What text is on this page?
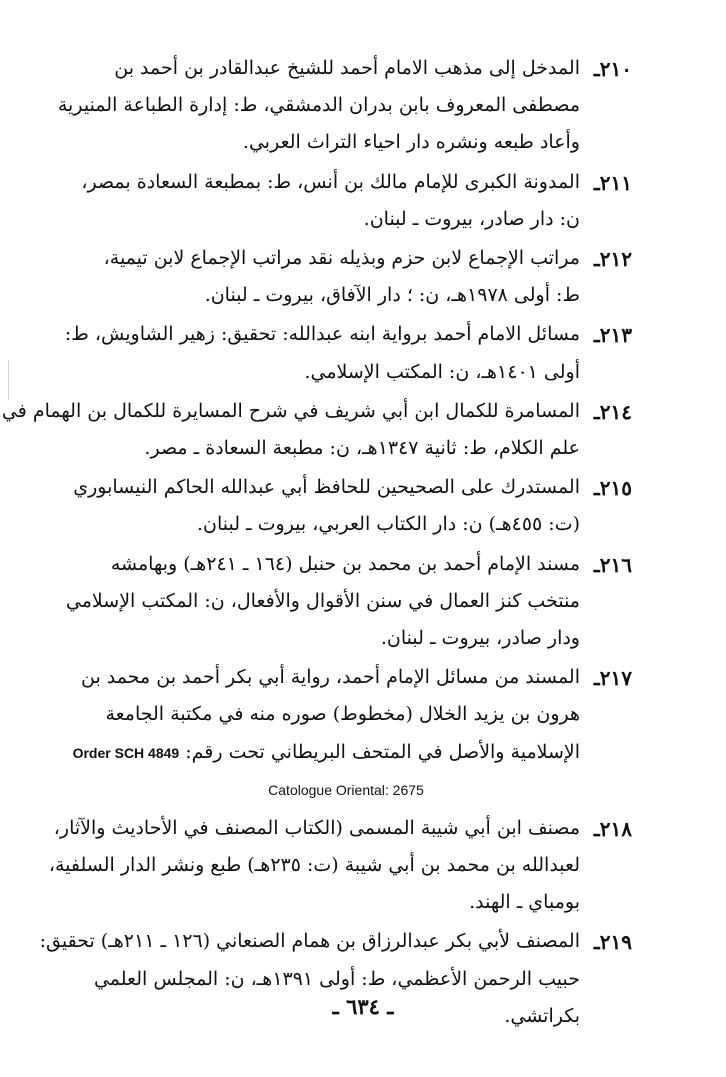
٢١٠ـ
المدخل إلى مذهب الامام أحمد للشيخ عبدالقادر بن أحمد بن
مصطفى المعروف بابن بدران الدمشقي، ط: إدارة الطباعة المنيرية
وأعاد طبعه ونشره دار احياء التراث العربي.
٢١١ـ
المدونة الكبرى للإمام مالك بن أنس، ط: بمطبعة السعادة بمصر،
ن: دار صادر، بيروت ـ لبنان.
٢١٢ـ
مراتب الإجماع لابن حزم وبذيله نقد مراتب الإجماع لابن تيمية،
ط: أولى ١٩٧٨هـ، ن: ؛ دار الآفاق، بيروت ـ لبنان.
٢١٣ـ
مسائل الامام أحمد برواية ابنه عبدالله: تحقيق: زهير الشاويش، ط:
أولى ١٤٠١هـ، ن: المكتب الإسلامي.
٢١٤ـ
المسامرة للكمال ابن أبي شريف في شرح المسايرة للكمال بن الهمام في
علم الكلام، ط: ثانية ١٣٤٧هـ، ن: مطبعة السعادة ـ مصر.
٢١٥ـ
المستدرك على الصحيحين للحافظ أبي عبدالله الحاكم النيسابوري
(ت: ٤٥٥هـ) ن: دار الكتاب العربي، بيروت ـ لبنان.
٢١٦ـ
مسند الإمام أحمد بن محمد بن حنبل (١٦٤ ـ ٢٤١هـ) وبهامشه
منتخب كنز العمال في سنن الأقوال والأفعال، ن: المكتب الإسلامي
ودار صادر، بيروت ـ لبنان.
٢١٧ـ
المسند من مسائل الإمام أحمد، رواية أبي بكر أحمد بن محمد بن
هرون بن يزيد الخلال (مخطوط) صوره منه في مكتبة الجامعة
الإسلامية والأصل في المتحف البريطاني تحت رقم: Order SCH 4849
Catologue Oriental: 2675
٢١٨ـ
مصنف ابن أبي شيبة المسمى (الكتاب المصنف في الأحاديث والآثار،
لعبدالله بن محمد بن أبي شيبة (ت: ٢٣٥هـ) طبع ونشر الدار السلفية،
بومباي ـ الهند.
٢١٩ـ
المصنف لأبي بكر عبدالرزاق بن همام الصنعاني (١٢٦ ـ ٢١١هـ) تحقيق:
حبيب الرحمن الأعظمي، ط: أولى ١٣٩١هـ، ن: المجلس العلمي
بكراتشي.
ـ ٦٣٤ ـ
